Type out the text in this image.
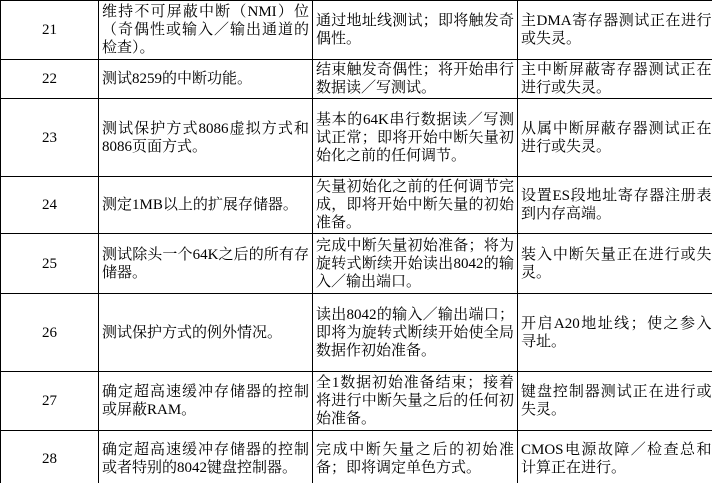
21	维持不可屏蔽中断（NMI）位（奇偶性或输入／输出通道的检查）。	通过地址线测试；即将触发奇偶性。	主DMA寄存器测试正在进行或失灵。
22	测试8259的中断功能。	结束触发奇偶性；将开始串行数据读／写测试。	主中断屏蔽寄存器测试正在进行或失灵。
23	测试保护方式8086虚拟方式和8086页面方式。	基本的64K串行数据读／写测试正常；即将开始中断矢量初始化之前的任何调节。	从属中断屏蔽存器测试正在进行或失灵。
24	测定1MB以上的扩展存储器。	矢量初始化之前的任何调节完成，即将开始中断矢量的初始准备。	设置ES段地址寄存器注册表到内存高端。
25	测试除头一个64K之后的所有存储器。	完成中断矢量初始准备；将为旋转式断续开始读出8042的输入／输出端口。	装入中断矢量正在进行或失灵。
26	测试保护方式的例外情况。	读出8042的输入／输出端口；即将为旋转式断续开始使全局数据作初始准备。	开启A20地址线；使之参入寻址。
27	确定超高速缓冲存储器的控制或屏蔽RAM。	全1数据初始准备结束；接着将进行中断矢量之后的任何初始准备。	键盘控制器测试正在进行或失灵。
28	确定超高速缓冲存储器的控制或者特别的8042键盘控制器。	完成中断矢量之后的初始准备；即将调定单色方式。	CMOS电源故障／检查总和计算正在进行。
